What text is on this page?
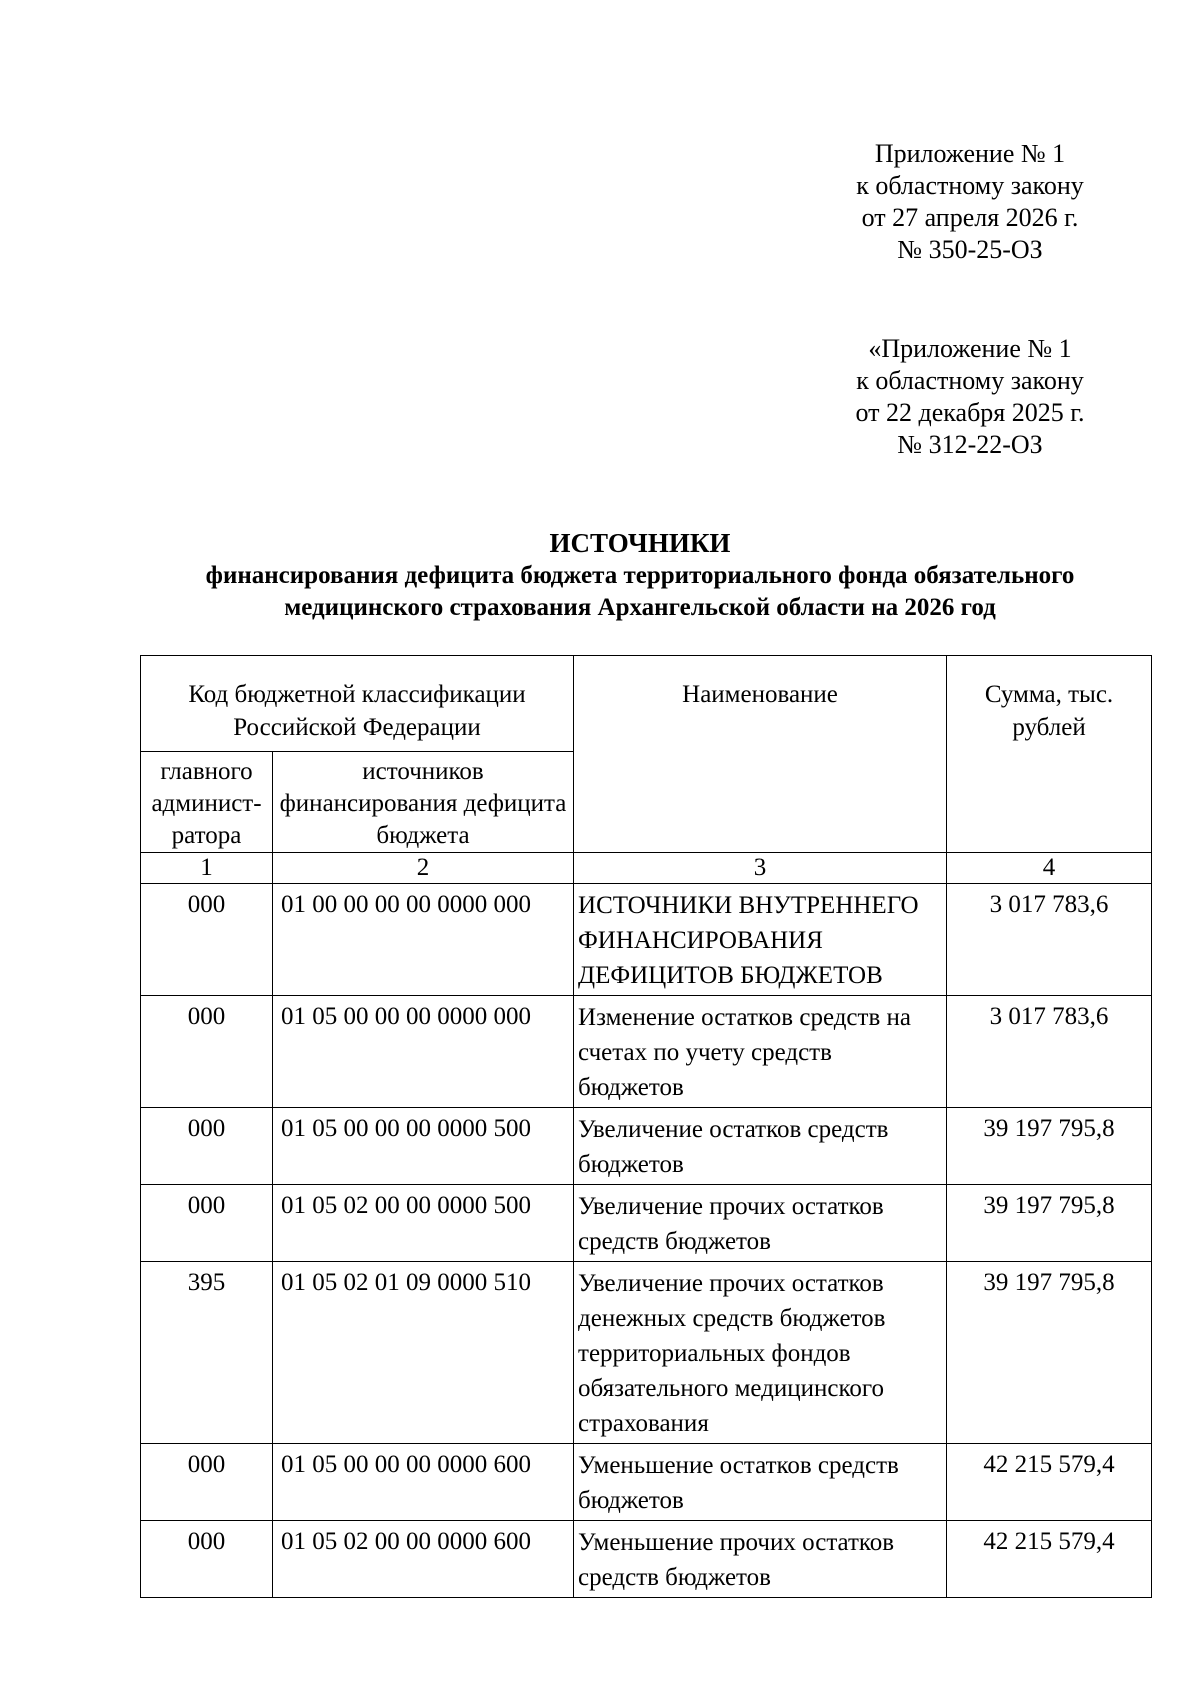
Приложение № 1
к областному закону
от 27 апреля 2026 г.
№ 350-25-ОЗ
«Приложение № 1
к областному закону
от 22 декабря 2025 г.
№ 312-22-ОЗ
ИСТОЧНИКИ
финансирования дефицита бюджета территориального фонда обязательного
медицинского страхования Архангельской области на 2026 год
Код бюджетной классификации Российской Федерации		Наименование	Сумма, тыс. рублей

главного
админист-
ратора	источников финансирования дефицита бюджета		
1	2	3	4
000	01 00 00 00 00 0000 000	ИСТОЧНИКИ ВНУТРЕННЕГО ФИНАНСИРОВАНИЯ ДЕФИЦИТОВ БЮДЖЕТОВ	3 017 783,6
000	01 05 00 00 00 0000 000	Изменение остатков средств на счетах по учету средств бюджетов	3 017 783,6
000	01 05 00 00 00 0000 500	Увеличение остатков средств бюджетов	39 197 795,8
000	01 05 02 00 00 0000 500	Увеличение прочих остатков средств бюджетов	39 197 795,8
395	01 05 02 01 09 0000 510	Увеличение прочих остатков денежных средств бюджетов территориальных фондов обязательного медицинского страхования	39 197 795,8
000	01 05 00 00 00 0000 600	Уменьшение остатков средств бюджетов	42 215 579,4
000	01 05 02 00 00 0000 600	Уменьшение прочих остатков средств бюджетов	42 215 579,4
